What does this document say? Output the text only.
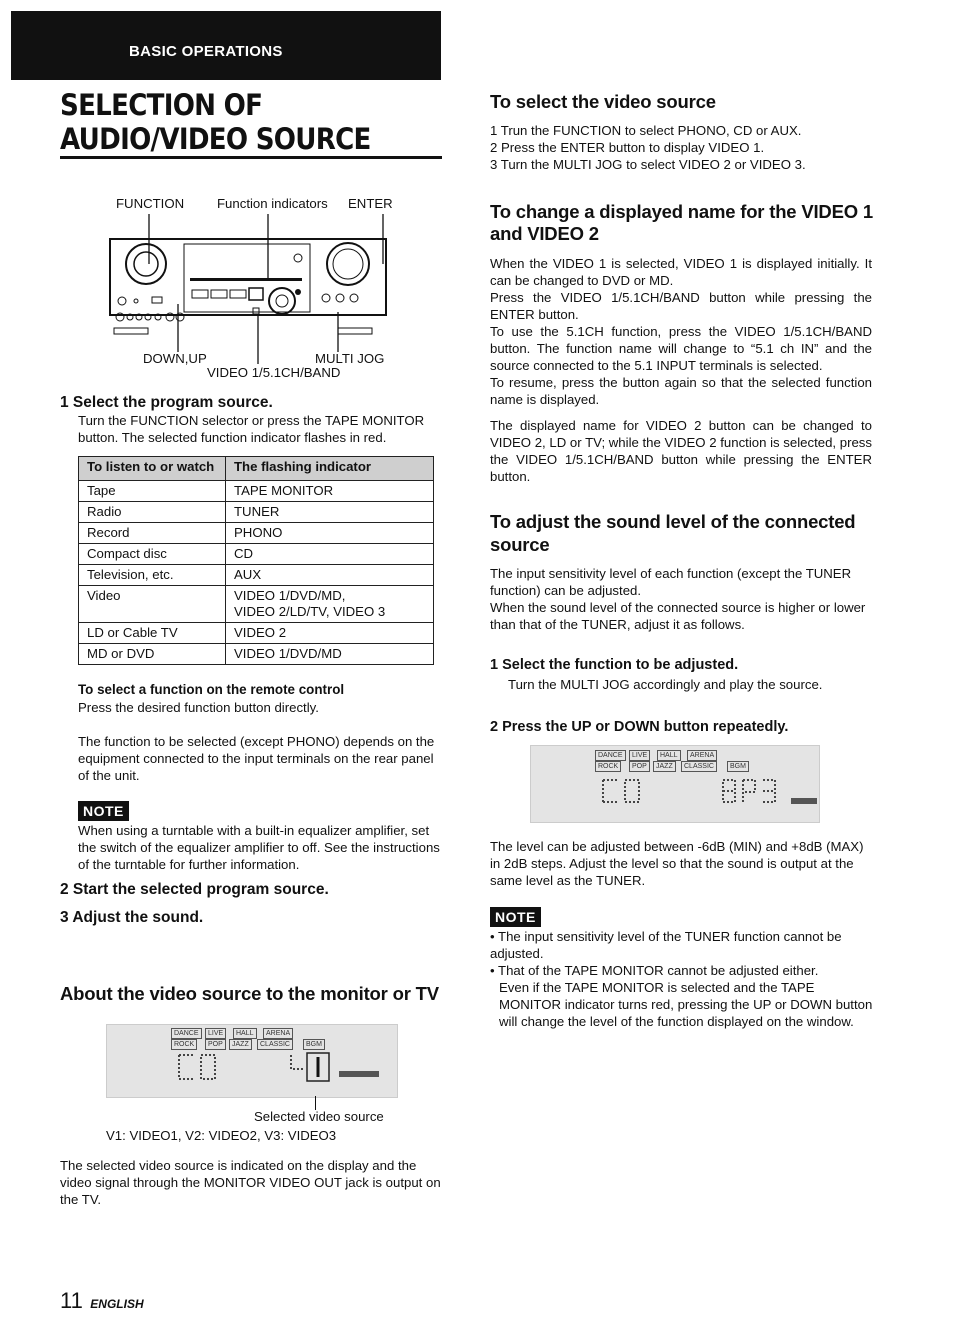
BASIC OPERATIONS
SELECTION OF AUDIO/VIDEO SOURCE
FUNCTION Function indicators ENTER
DOWN,UP	MULTI JOG
VIDEO 1/5.1CH/BAND
1 Select the program source.

Turn the FUNCTION selector or press the TAPE MONITOR button. The selected function indicator flashes in red.

To listen to or watch	The flashing indicator
Tape	TAPE MONITOR
Radio	TUNER
Record	PHONO
Compact disc	CD
Television, etc.	AUX
Video	VIDEO 1/DVD/MD,
VIDEO 2/LD/TV, VIDEO 3
LD or Cable TV	VIDEO 2
MD or DVD	VIDEO 1/DVD/MD
To select a function on the remote control

Press the desired function button directly.

The function to be selected (except PHONO) depends on the equipment connected to the input terminals on the rear panel of the unit.

NOTE

When using a turntable with a built-in equalizer amplifier, set the switch of the equalizer amplifier to off. See the instructions of the turntable for further information.

2 Start the selected program source.
3 Adjust the sound.
About the video source to the monitor or TV
DANCE	LIVE	HALL	ARENA
ROCK	POP	JAZZ	CLASSIC	BGM

Selected video source

V1: VIDEO1, V2: VIDEO2, V3: VIDEO3

The selected video source is indicated on the display and the video signal through the MONITOR VIDEO OUT jack is output on the TV.

11 ENGLISH
To select the video source
1 Trun the FUNCTION to select PHONO, CD or AUX.
2 Press the ENTER button to display VIDEO 1.
3 Turn the MULTI JOG to select VIDEO 2 or VIDEO 3.
To change a displayed name for the VIDEO 1 and VIDEO 2

When the VIDEO 1 is selected, VIDEO 1 is displayed initially. It can be changed to DVD or MD.

Press the VIDEO 1/5.1CH/BAND button while pressing the ENTER button.

To use the 5.1CH function, press the VIDEO 1/5.1CH/BAND button. The function name will change to “5.1 ch IN” and the source connected to the 5.1 INPUT terminals is selected.

To resume, press the button again so that the selected function name is displayed.

The displayed name for VIDEO 2 button can be changed to VIDEO 2, LD or TV; while the VIDEO 2 function is selected, press the VIDEO 1/5.1CH/BAND button while pressing the ENTER button.

To adjust the sound level of the connected source

The input sensitivity level of each function (except the TUNER function) can be adjusted.

When the sound level of the connected source is higher or lower than that of the TUNER, adjust it as follows.

1 Select the function to be adjusted.

Turn the MULTI JOG accordingly and play the source.

2 Press the UP or DOWN button repeatedly.
DANCE	LIVE	HALL	ARENA
ROCK	POP	JAZZ	CLASSIC	BGM

The level can be adjusted between -6dB (MIN) and +8dB (MAX) in 2dB steps. Adjust the level so that the sound is output at the same level as the TUNER.

NOTE

• The input sensitivity level of the TUNER function cannot be adjusted.

• That of the TAPE MONITOR cannot be adjusted either.

Even if the TAPE MONITOR is selected and the TAPE MONITOR indicator turns red, pressing the UP or DOWN button will change the level of the function displayed on the window.
